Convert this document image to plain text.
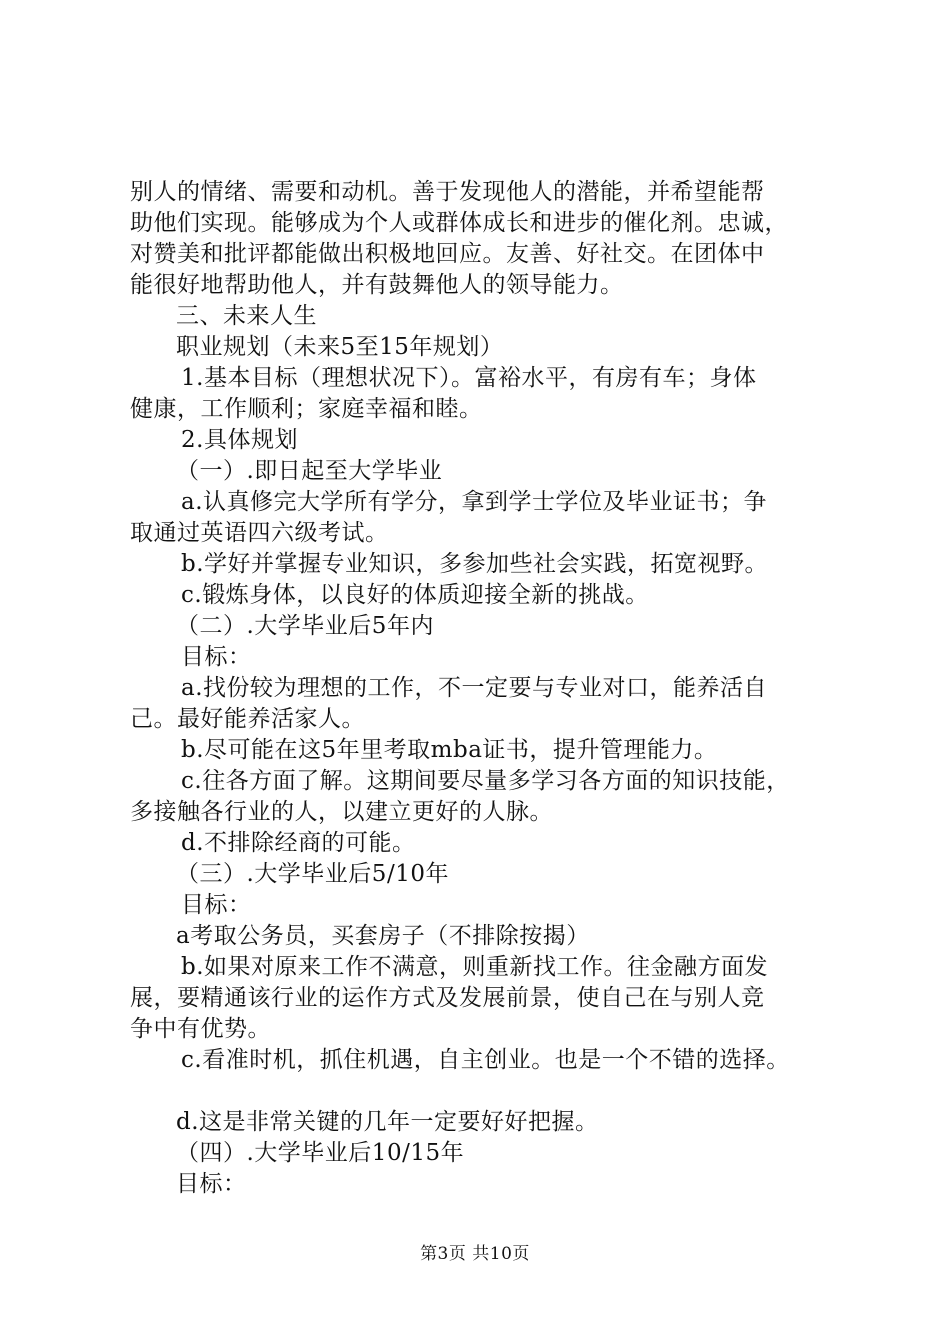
别人的情绪、需要和动机。善于发现他人的潜能，并希望能帮
助他们实现。能够成为个人或群体成长和进步的催化剂。忠诚，
对赞美和批评都能做出积极地回应。友善、好社交。在团体中
能很好地帮助他人，并有鼓舞他人的领导能力。
三、未来人生
职业规划（未来5至15年规划）
1.基本目标（理想状况下）。富裕水平，有房有车；身体
健康，工作顺利；家庭幸福和睦。
2.具体规划
（一）.即日起至大学毕业
a.认真修完大学所有学分，拿到学士学位及毕业证书；争
取通过英语四六级考试。
b.学好并掌握专业知识，多参加些社会实践，拓宽视野。
c.锻炼身体，以良好的体质迎接全新的挑战。
（二）.大学毕业后5年内
目标：
a.找份较为理想的工作，不一定要与专业对口，能养活自
己。最好能养活家人。
b.尽可能在这5年里考取mba证书，提升管理能力。
c.往各方面了解。这期间要尽量多学习各方面的知识技能，
多接触各行业的人，以建立更好的人脉。
d.不排除经商的可能。
（三）.大学毕业后5/10年
目标：
a考取公务员，买套房子（不排除按揭）
b.如果对原来工作不满意，则重新找工作。往金融方面发
展，要精通该行业的运作方式及发展前景，使自己在与别人竞
争中有优势。
c.看准时机，抓住机遇，自主创业。也是一个不错的选择。
d.这是非常关键的几年一定要好好把握。
（四）.大学毕业后10/15年
目标：
第3页 共10页
